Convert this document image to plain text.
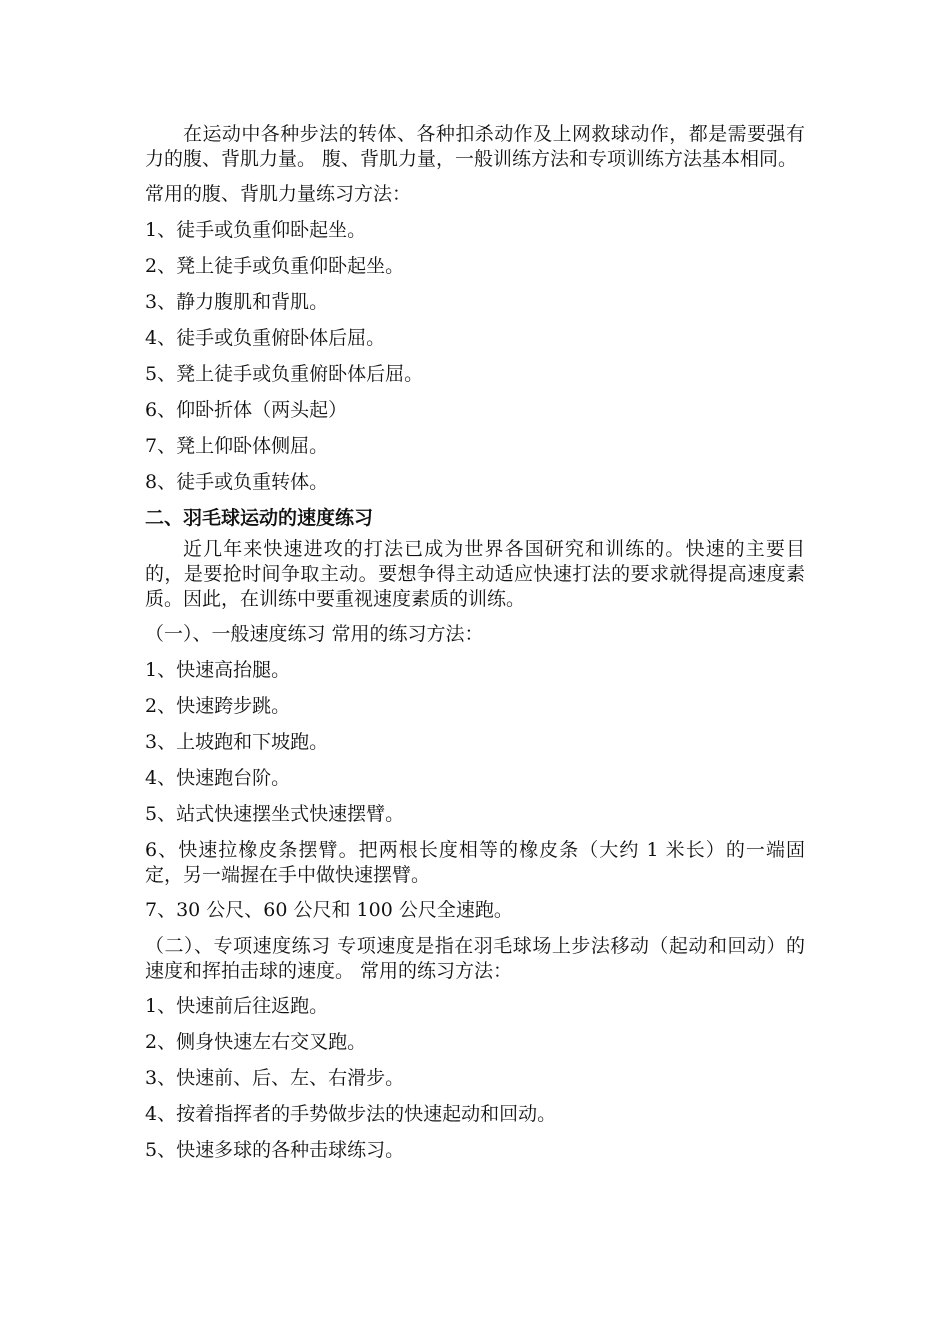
在运动中各种步法的转体、各种扣杀动作及上网救球动作，都是需要强有力的腹、背肌力量。 腹、背肌力量，一般训练方法和专项训练方法基本相同。

常用的腹、背肌力量练习方法：

1、徒手或负重仰卧起坐。

2、凳上徒手或负重仰卧起坐。

3、静力腹肌和背肌。

4、徒手或负重俯卧体后屈。

5、凳上徒手或负重俯卧体后屈。

6、仰卧折体（两头起）

7、凳上仰卧体侧屈。

8、徒手或负重转体。

二、羽毛球运动的速度练习

近几年来快速进攻的打法已成为世界各国研究和训练的。快速的主要目的，是要抢时间争取主动。要想争得主动适应快速打法的要求就得提高速度素质。因此，在训练中要重视速度素质的训练。

（一）、一般速度练习 常用的练习方法：

1、快速高抬腿。

2、快速跨步跳。

3、上坡跑和下坡跑。

4、快速跑台阶。

5、站式快速摆坐式快速摆臂。

6、快速拉橡皮条摆臂。把两根长度相等的橡皮条（大约 1 米长）的一端固定，另一端握在手中做快速摆臂。

7、30 公尺、60 公尺和 100 公尺全速跑。

（二）、专项速度练习 专项速度是指在羽毛球场上步法移动（起动和回动）的速度和挥拍击球的速度。 常用的练习方法：

1、快速前后往返跑。

2、侧身快速左右交叉跑。

3、快速前、后、左、右滑步。

4、按着指挥者的手势做步法的快速起动和回动。

5、快速多球的各种击球练习。
